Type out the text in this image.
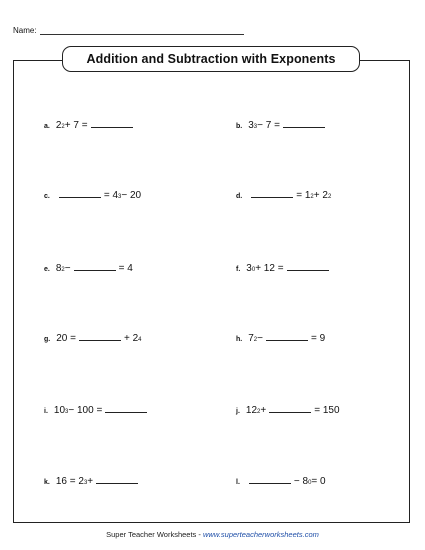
Name:
Addition and Subtraction with Exponents
a. 2 2 + 7 =	b. 3 3 − 7 =
c.	= 4 3 − 20	d.	= 1 2 + 2 2
e. 8 2 −	= 4	f. 3 0 + 12 =
g. 20 =	+ 2 4	h. 7 2 −	= 9
i. 10 3 − 100 =	j. 12 2 +	= 150
k. 16 = 2 3 +	l.	− 8 0 = 0
Super Teacher Worksheets - www.superteacherworksheets.com
